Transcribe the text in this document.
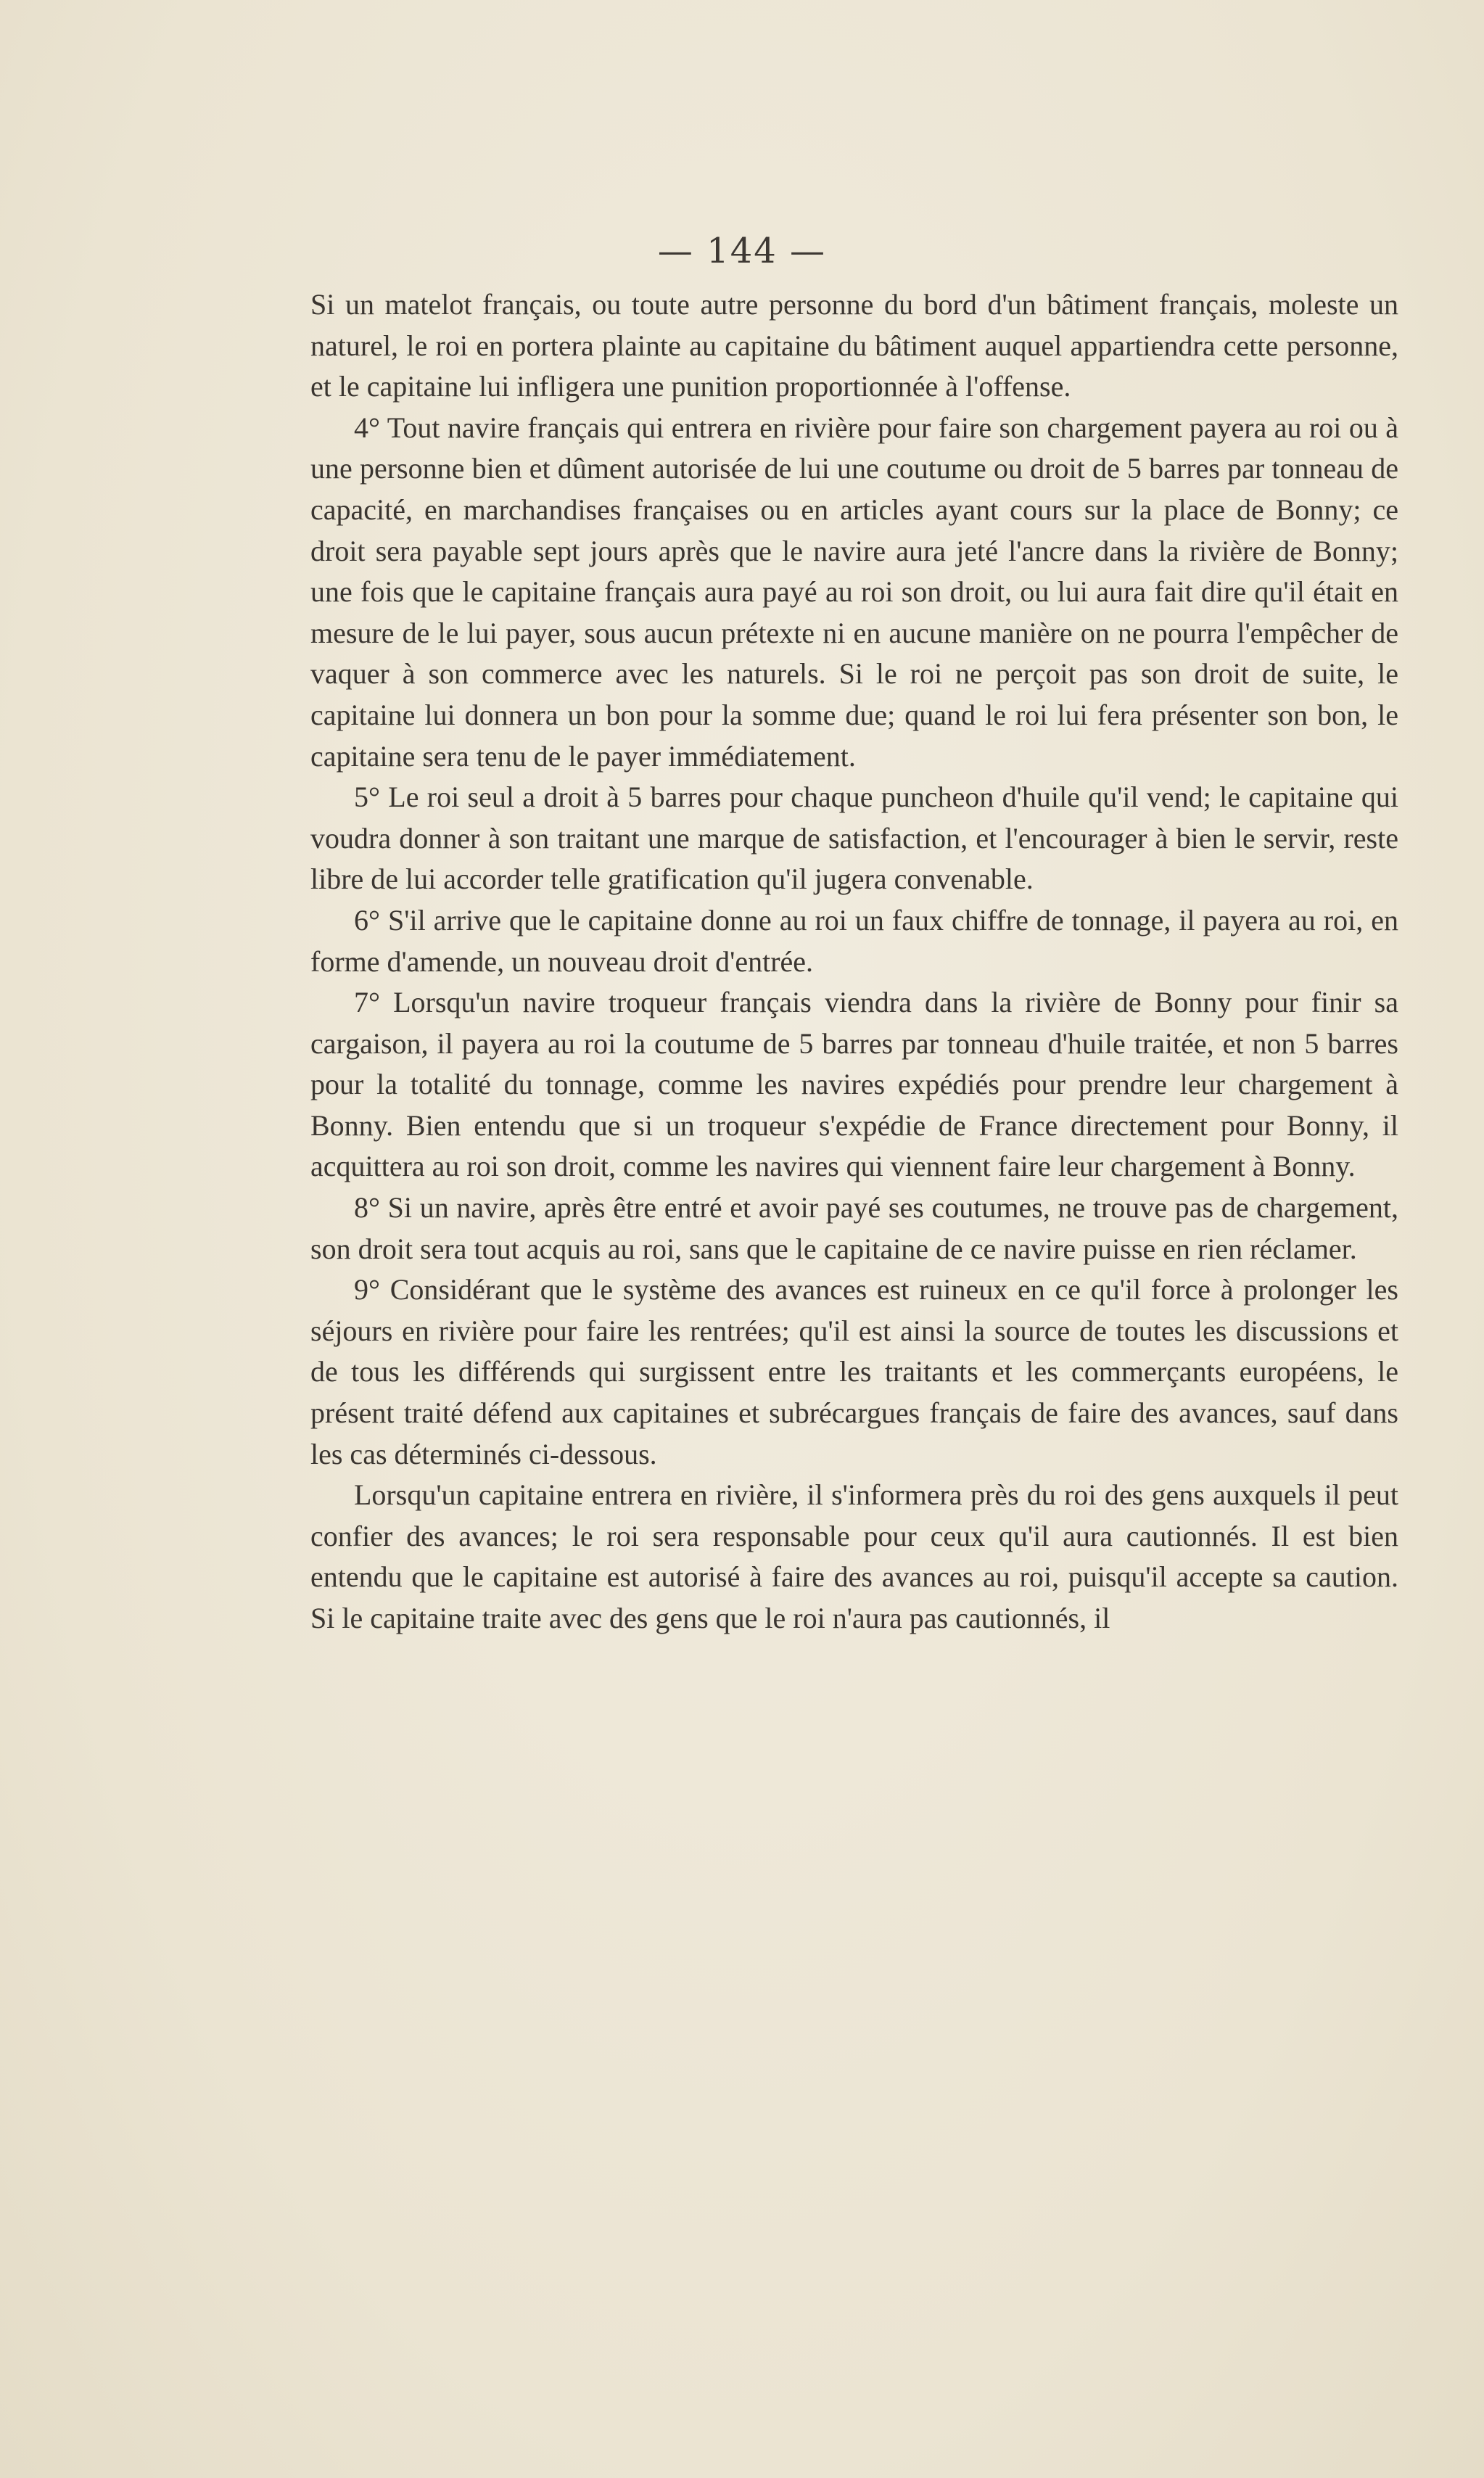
— 144 —

Si un matelot français, ou toute autre personne du bord d'un bâtiment français, moleste un naturel, le roi en portera plainte au capitaine du bâtiment auquel appartiendra cette personne, et le capitaine lui infligera une punition proportionnée à l'offense.

4° Tout navire français qui entrera en rivière pour faire son chargement payera au roi ou à une personne bien et dûment autorisée de lui une coutume ou droit de 5 barres par tonneau de capacité, en marchandises françaises ou en articles ayant cours sur la place de Bonny; ce droit sera payable sept jours après que le navire aura jeté l'ancre dans la rivière de Bonny; une fois que le capitaine français aura payé au roi son droit, ou lui aura fait dire qu'il était en mesure de le lui payer, sous aucun prétexte ni en aucune manière on ne pourra l'empêcher de vaquer à son commerce avec les naturels. Si le roi ne perçoit pas son droit de suite, le capitaine lui donnera un bon pour la somme due; quand le roi lui fera présenter son bon, le capitaine sera tenu de le payer immédiatement.

5° Le roi seul a droit à 5 barres pour chaque puncheon d'huile qu'il vend; le capitaine qui voudra donner à son traitant une marque de satisfaction, et l'encourager à bien le servir, reste libre de lui accorder telle gratification qu'il jugera convenable.

6° S'il arrive que le capitaine donne au roi un faux chiffre de tonnage, il payera au roi, en forme d'amende, un nouveau droit d'entrée.

7° Lorsqu'un navire troqueur français viendra dans la rivière de Bonny pour finir sa cargaison, il payera au roi la coutume de 5 barres par tonneau d'huile traitée, et non 5 barres pour la totalité du tonnage, comme les navires expédiés pour prendre leur chargement à Bonny. Bien entendu que si un troqueur s'expédie de France directement pour Bonny, il acquittera au roi son droit, comme les navires qui viennent faire leur chargement à Bonny.

8° Si un navire, après être entré et avoir payé ses coutumes, ne trouve pas de chargement, son droit sera tout acquis au roi, sans que le capitaine de ce navire puisse en rien réclamer.

9° Considérant que le système des avances est ruineux en ce qu'il force à prolonger les séjours en rivière pour faire les rentrées; qu'il est ainsi la source de toutes les discussions et de tous les différends qui surgissent entre les traitants et les commerçants européens, le présent traité défend aux capitaines et subrécargues français de faire des avances, sauf dans les cas déterminés ci-dessous.

Lorsqu'un capitaine entrera en rivière, il s'informera près du roi des gens auxquels il peut confier des avances; le roi sera responsable pour ceux qu'il aura cautionnés. Il est bien entendu que le capitaine est autorisé à faire des avances au roi, puisqu'il accepte sa caution. Si le capitaine traite avec des gens que le roi n'aura pas cautionnés, il
